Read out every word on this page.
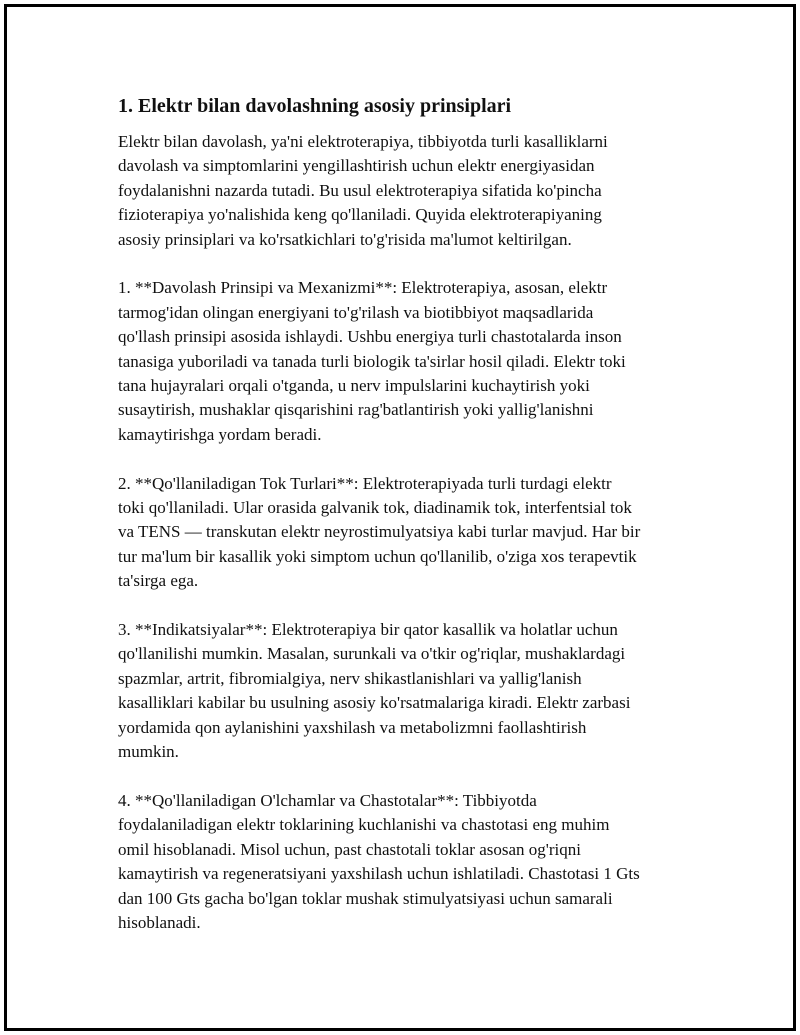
1. Elektr bilan davolashning asosiy prinsiplari

Elektr bilan davolash, ya'ni elektroterapiya, tibbiyotda turli kasalliklarni
davolash va simptomlarini yengillashtirish uchun elektr energiyasidan
foydalanishni nazarda tutadi. Bu usul elektroterapiya sifatida ko'pincha
fizioterapiya yo'nalishida keng qo'llaniladi. Quyida elektroterapiyaning
asosiy prinsiplari va ko'rsatkichlari to'g'risida ma'lumot keltirilgan.

1. **Davolash Prinsipi va Mexanizmi**: Elektroterapiya, asosan, elektr
tarmog'idan olingan energiyani to'g'rilash va biotibbiyot maqsadlarida
qo'llash prinsipi asosida ishlaydi. Ushbu energiya turli chastotalarda inson
tanasiga yuboriladi va tanada turli biologik ta'sirlar hosil qiladi. Elektr toki
tana hujayralari orqali o'tganda, u nerv impulslarini kuchaytirish yoki
susaytirish, mushaklar qisqarishini rag'batlantirish yoki yallig'lanishni
kamaytirishga yordam beradi.

2. **Qo'llaniladigan Tok Turlari**: Elektroterapiyada turli turdagi elektr
toki qo'llaniladi. Ular orasida galvanik tok, diadinamik tok, interfentsial tok
va TENS — transkutan elektr neyrostimulyatsiya kabi turlar mavjud. Har bir
tur ma'lum bir kasallik yoki simptom uchun qo'llanilib, o'ziga xos terapevtik
ta'sirga ega.

3. **Indikatsiyalar**: Elektroterapiya bir qator kasallik va holatlar uchun
qo'llanilishi mumkin. Masalan, surunkali va o'tkir og'riqlar, mushaklardagi
spazmlar, artrit, fibromialgiya, nerv shikastlanishlari va yallig'lanish
kasalliklari kabilar bu usulning asosiy ko'rsatmalariga kiradi. Elektr zarbasi
yordamida qon aylanishini yaxshilash va metabolizmni faollashtirish
mumkin.

4. **Qo'llaniladigan O'lchamlar va Chastotalar**: Tibbiyotda
foydalaniladigan elektr toklarining kuchlanishi va chastotasi eng muhim
omil hisoblanadi. Misol uchun, past chastotali toklar asosan og'riqni
kamaytirish va regeneratsiyani yaxshilash uchun ishlatiladi. Chastotasi 1 Gts
dan 100 Gts gacha bo'lgan toklar mushak stimulyatsiyasi uchun samarali
hisoblanadi.
